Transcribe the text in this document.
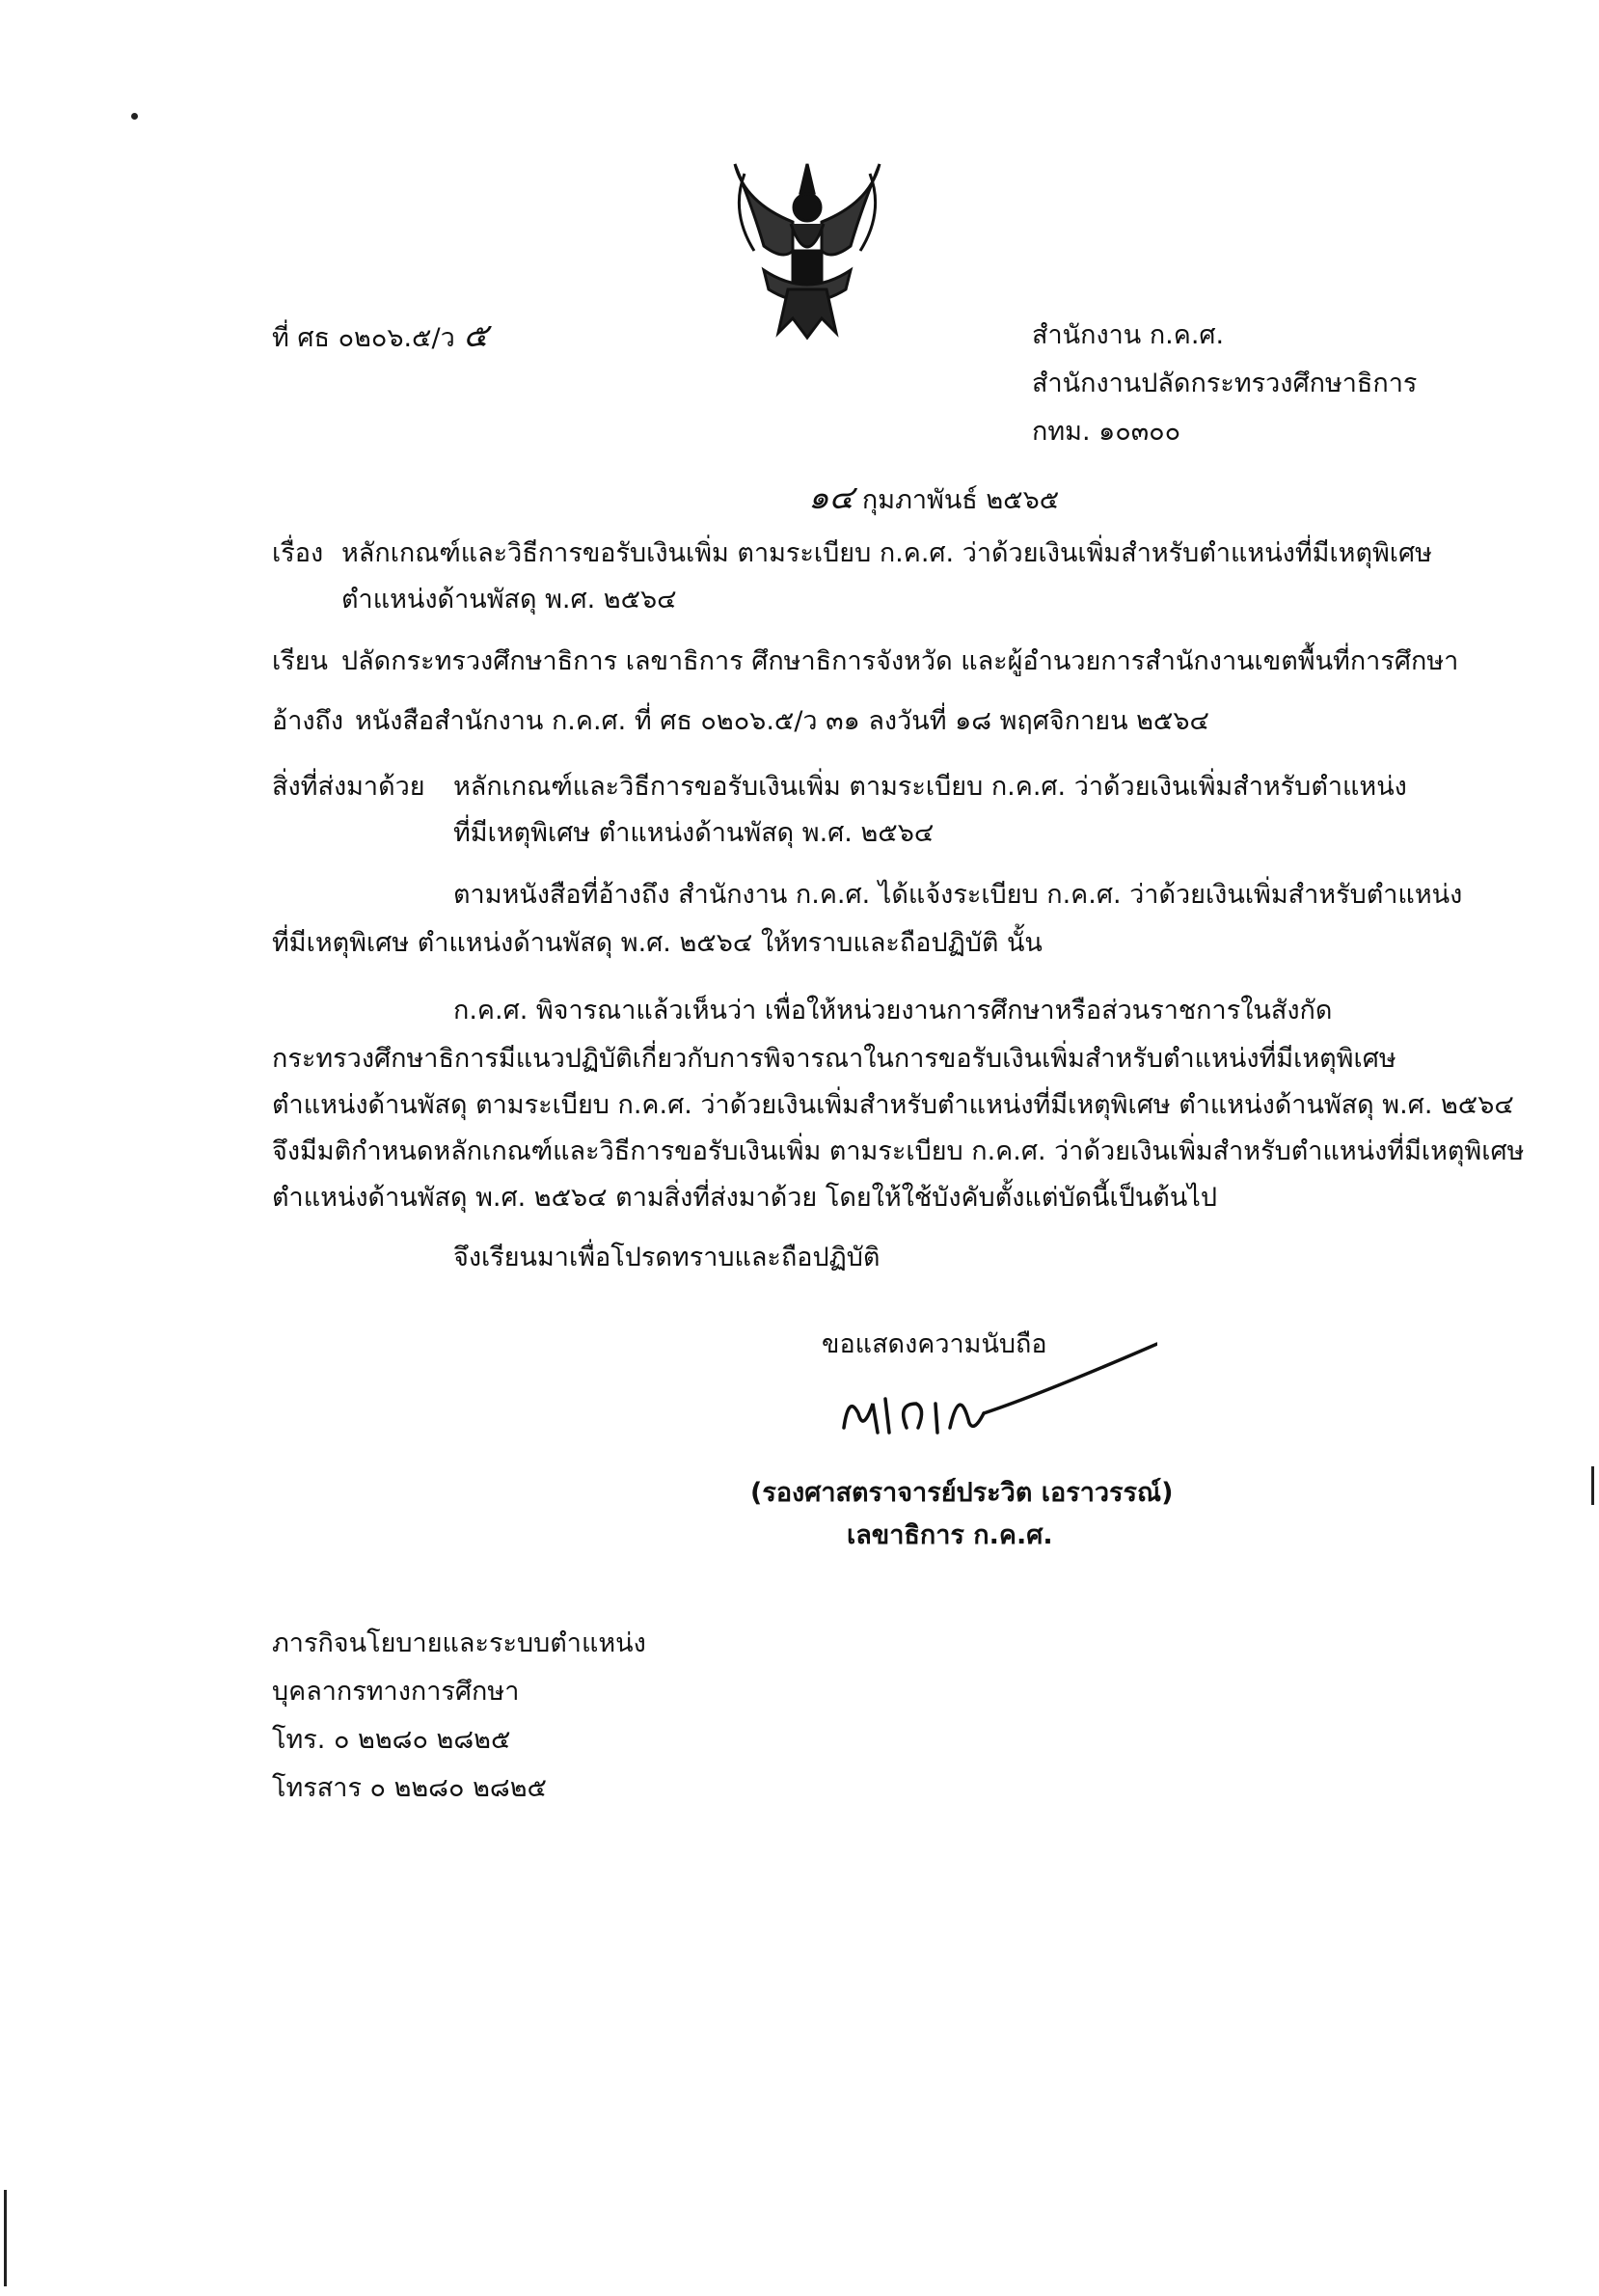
ที่ ศธ ๐๒๐๖.๕/ว ๕	สำนักงาน ก.ค.ศ.
สำนักงานปลัดกระทรวงศึกษาธิการ
กทม. ๑๐๓๐๐
๑๔ กุมภาพันธ์ ๒๕๖๕
เรื่อง หลักเกณฑ์และวิธีการขอรับเงินเพิ่ม ตามระเบียบ ก.ค.ศ. ว่าด้วยเงินเพิ่มสำหรับตำแหน่งที่มีเหตุพิเศษ
ตำแหน่งด้านพัสดุ พ.ศ. ๒๕๖๔
เรียน ปลัดกระทรวงศึกษาธิการ เลขาธิการ ศึกษาธิการจังหวัด และผู้อำนวยการสำนักงานเขตพื้นที่การศึกษา
อ้างถึง หนังสือสำนักงาน ก.ค.ศ. ที่ ศธ ๐๒๐๖.๕/ว ๓๑ ลงวันที่ ๑๘ พฤศจิกายน ๒๕๖๔
สิ่งที่ส่งมาด้วย หลักเกณฑ์และวิธีการขอรับเงินเพิ่ม ตามระเบียบ ก.ค.ศ. ว่าด้วยเงินเพิ่มสำหรับตำแหน่ง
ที่มีเหตุพิเศษ ตำแหน่งด้านพัสดุ พ.ศ. ๒๕๖๔
ตามหนังสือที่อ้างถึง สำนักงาน ก.ค.ศ. ได้แจ้งระเบียบ ก.ค.ศ. ว่าด้วยเงินเพิ่มสำหรับตำแหน่ง
ที่มีเหตุพิเศษ ตำแหน่งด้านพัสดุ พ.ศ. ๒๕๖๔ ให้ทราบและถือปฏิบัติ นั้น
ก.ค.ศ. พิจารณาแล้วเห็นว่า เพื่อให้หน่วยงานการศึกษาหรือส่วนราชการในสังกัด
กระทรวงศึกษาธิการมีแนวปฏิบัติเกี่ยวกับการพิจารณาในการขอรับเงินเพิ่มสำหรับตำแหน่งที่มีเหตุพิเศษ
ตำแหน่งด้านพัสดุ ตามระเบียบ ก.ค.ศ. ว่าด้วยเงินเพิ่มสำหรับตำแหน่งที่มีเหตุพิเศษ ตำแหน่งด้านพัสดุ พ.ศ. ๒๕๖๔
จึงมีมติกำหนดหลักเกณฑ์และวิธีการขอรับเงินเพิ่ม ตามระเบียบ ก.ค.ศ. ว่าด้วยเงินเพิ่มสำหรับตำแหน่งที่มีเหตุพิเศษ
ตำแหน่งด้านพัสดุ พ.ศ. ๒๕๖๔ ตามสิ่งที่ส่งมาด้วย โดยให้ใช้บังคับตั้งแต่บัดนี้เป็นต้นไป
จึงเรียนมาเพื่อโปรดทราบและถือปฏิบัติ
ขอแสดงความนับถือ
(รองศาสตราจารย์ประวิต เอราวรรณ์)
เลขาธิการ ก.ค.ศ.
ภารกิจนโยบายและระบบตำแหน่ง
บุคลากรทางการศึกษา
โทร. ๐ ๒๒๘๐ ๒๘๒๕
โทรสาร ๐ ๒๒๘๐ ๒๘๒๕
